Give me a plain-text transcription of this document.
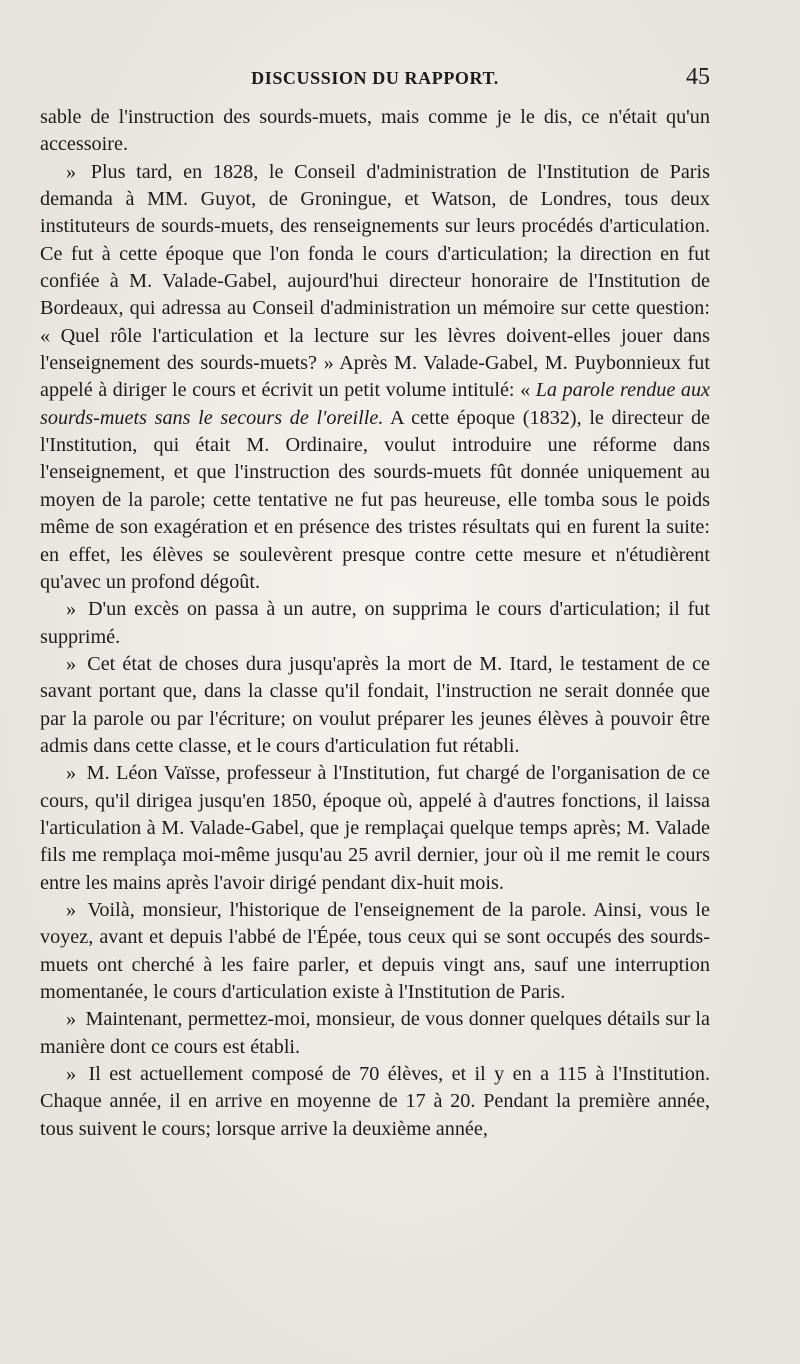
DISCUSSION DU RAPPORT.	45

sable de l'instruction des sourds-muets, mais comme je le dis, ce n'était qu'un accessoire.

» Plus tard, en 1828, le Conseil d'administration de l'Institution de Paris demanda à MM. Guyot, de Groningue, et Watson, de Londres, tous deux instituteurs de sourds-muets, des renseignements sur leurs procédés d'articulation. Ce fut à cette époque que l'on fonda le cours d'articulation; la direction en fut confiée à M. Valade-Gabel, aujourd'hui directeur honoraire de l'Institution de Bordeaux, qui adressa au Conseil d'administration un mémoire sur cette question: « Quel rôle l'articulation et la lecture sur les lèvres doivent-elles jouer dans l'enseignement des sourds-muets? » Après M. Valade-Gabel, M. Puybonnieux fut appelé à diriger le cours et écrivit un petit volume intitulé: « La parole rendue aux sourds-muets sans le secours de l'oreille. A cette époque (1832), le directeur de l'Institution, qui était M. Ordinaire, voulut introduire une réforme dans l'enseignement, et que l'instruction des sourds-muets fût donnée uniquement au moyen de la parole; cette tentative ne fut pas heureuse, elle tomba sous le poids même de son exagération et en présence des tristes résultats qui en furent la suite: en effet, les élèves se soulevèrent presque contre cette mesure et n'étudièrent qu'avec un profond dégoût.

» D'un excès on passa à un autre, on supprima le cours d'articulation; il fut supprimé.

» Cet état de choses dura jusqu'après la mort de M. Itard, le testament de ce savant portant que, dans la classe qu'il fondait, l'instruction ne serait donnée que par la parole ou par l'écriture; on voulut préparer les jeunes élèves à pouvoir être admis dans cette classe, et le cours d'articulation fut rétabli.

» M. Léon Vaïsse, professeur à l'Institution, fut chargé de l'organisation de ce cours, qu'il dirigea jusqu'en 1850, époque où, appelé à d'autres fonctions, il laissa l'articulation à M. Valade-Gabel, que je remplaçai quelque temps après; M. Valade fils me remplaça moi-même jusqu'au 25 avril dernier, jour où il me remit le cours entre les mains après l'avoir dirigé pendant dix-huit mois.

» Voilà, monsieur, l'historique de l'enseignement de la parole. Ainsi, vous le voyez, avant et depuis l'abbé de l'Épée, tous ceux qui se sont occupés des sourds-muets ont cherché à les faire parler, et depuis vingt ans, sauf une interruption momentanée, le cours d'articulation existe à l'Institution de Paris.

» Maintenant, permettez-moi, monsieur, de vous donner quelques détails sur la manière dont ce cours est établi.

» Il est actuellement composé de 70 élèves, et il y en a 115 à l'Institution. Chaque année, il en arrive en moyenne de 17 à 20. Pendant la première année, tous suivent le cours; lorsque arrive la deuxième année,
